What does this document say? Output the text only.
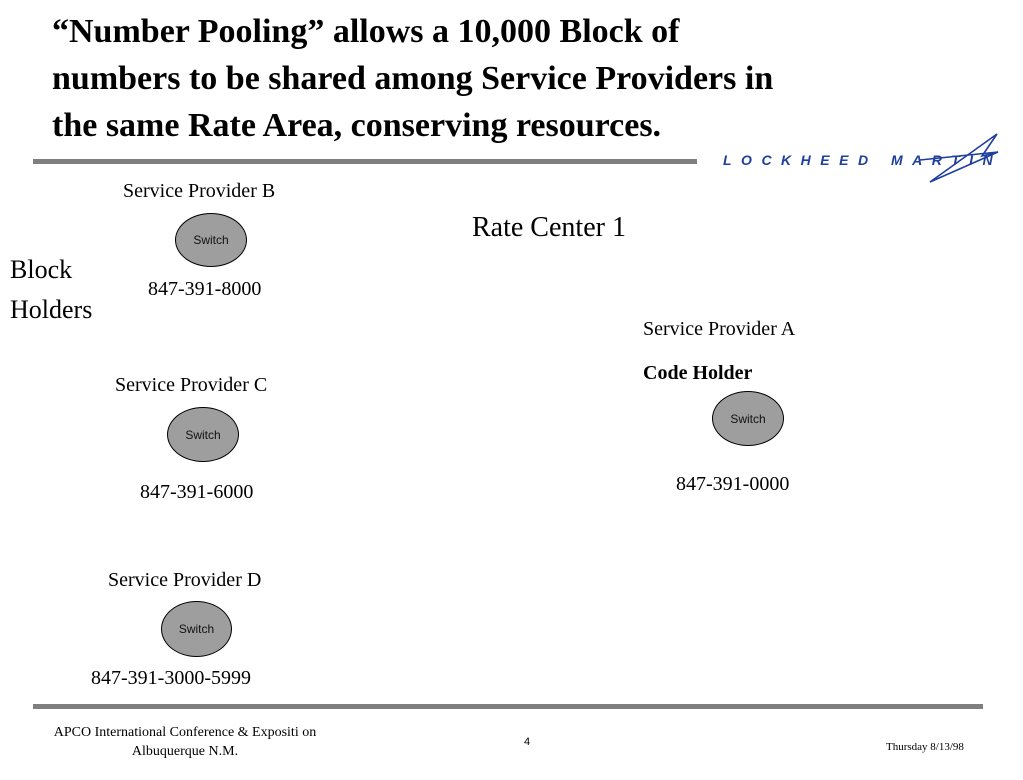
“Number Pooling” allows a 10,000 Block of
numbers to be shared among Service Providers in
the same Rate Area, conserving resources.
LOCKHEED MARTIN
Rate Center 1
Block
Holders
Service Provider B
Switch
847-391-8000
Service Provider C
Switch
847-391-6000
Service Provider D
Switch
847-391-3000-5999
Service Provider A
Code Holder
Switch
847-391-0000
APCO International Conference & Expositi on
Albuquerque N.M.
4	Thursday 8/13/98
